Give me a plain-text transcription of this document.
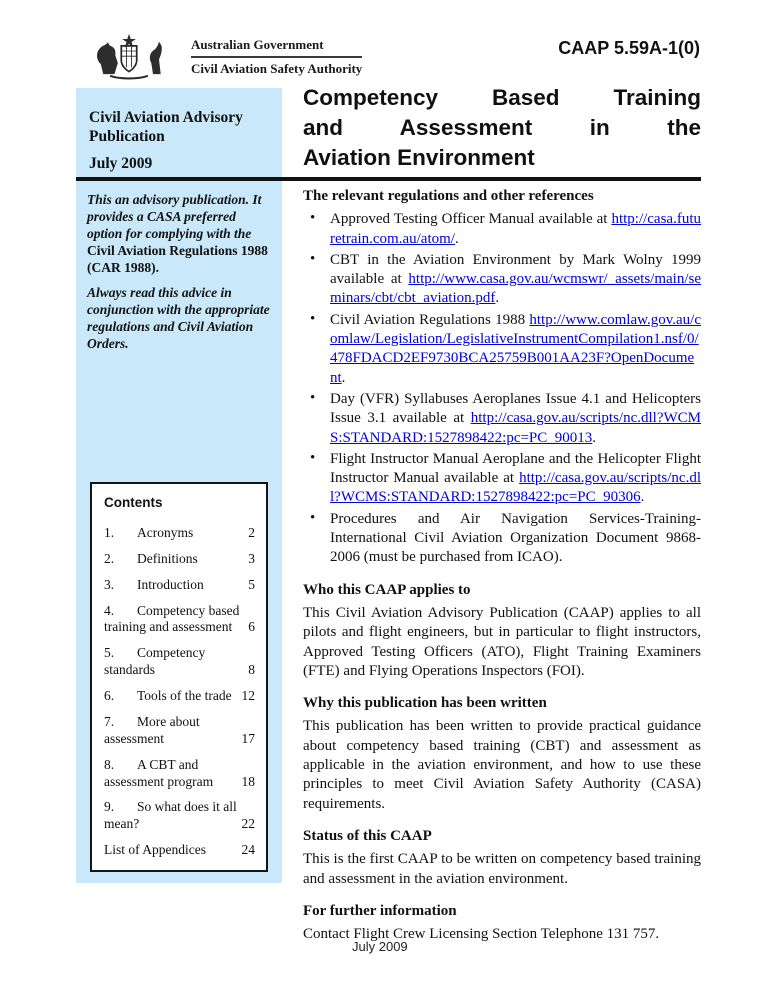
Australian Government
Civil Aviation Safety Authority
CAAP 5.59A-1(0)
Civil Aviation Advisory Publication
July 2009
Competency Based Training
and Assessment in the
Aviation Environment

This an advisory publication. It provides a CASA preferred option for complying with the Civil Aviation Regulations 1988 (CAR 1988).

Always read this advice in conjunction with the appropriate regulations and Civil Aviation Orders.

Contents
1. Acronyms	2
2. Definitions	3
3. Introduction	5
4. Competency based training and assessment 6
5. Competency standards	8
6. Tools of the trade 12
7. More about assessment	17
8. A CBT and assessment program 18
9. So what does it all mean?	22
List of Appendices	24
The relevant regulations and other references
• Approved Testing Officer Manual available at http://casa.futuretrain.com.au/atom/.
• CBT in the Aviation Environment by Mark Wolny 1999 available at http://www.casa.gov.au/wcmswr/_assets/main/seminars/cbt/cbt_aviation.pdf.
• Civil Aviation Regulations 1988 http://www.comlaw.gov.au/comlaw/Legislation/LegislativeInstrumentCompilation1.nsf/0/478FDACD2EF9730BCA25759B001AA23F?OpenDocument.
• Day (VFR) Syllabuses Aeroplanes Issue 4.1 and Helicopters Issue 3.1 available at http://casa.gov.au/scripts/nc.dll?WCMS:STANDARD:1527898422:pc=PC_90013.
• Flight Instructor Manual Aeroplane and the Helicopter Flight Instructor Manual available at http://casa.gov.au/scripts/nc.dll?WCMS:STANDARD:1527898422:pc=PC_90306.
• Procedures and Air Navigation Services-Training-International Civil Aviation Organization Document 9868-2006 (must be purchased from ICAO).
Who this CAAP applies to

This Civil Aviation Advisory Publication (CAAP) applies to all pilots and flight engineers, but in particular to flight instructors, Approved Testing Officers (ATO), Flight Training Examiners (FTE) and Flying Operations Inspectors (FOI).

Why this publication has been written

This publication has been written to provide practical guidance about competency based training (CBT) and assessment as applicable in the aviation environment, and how to use these principles to meet Civil Aviation Safety Authority (CASA) requirements.

Status of this CAAP

This is the first CAAP to be written on competency based training and assessment in the aviation environment.

For further information

Contact Flight Crew Licensing Section Telephone 131 757.

July 2009
